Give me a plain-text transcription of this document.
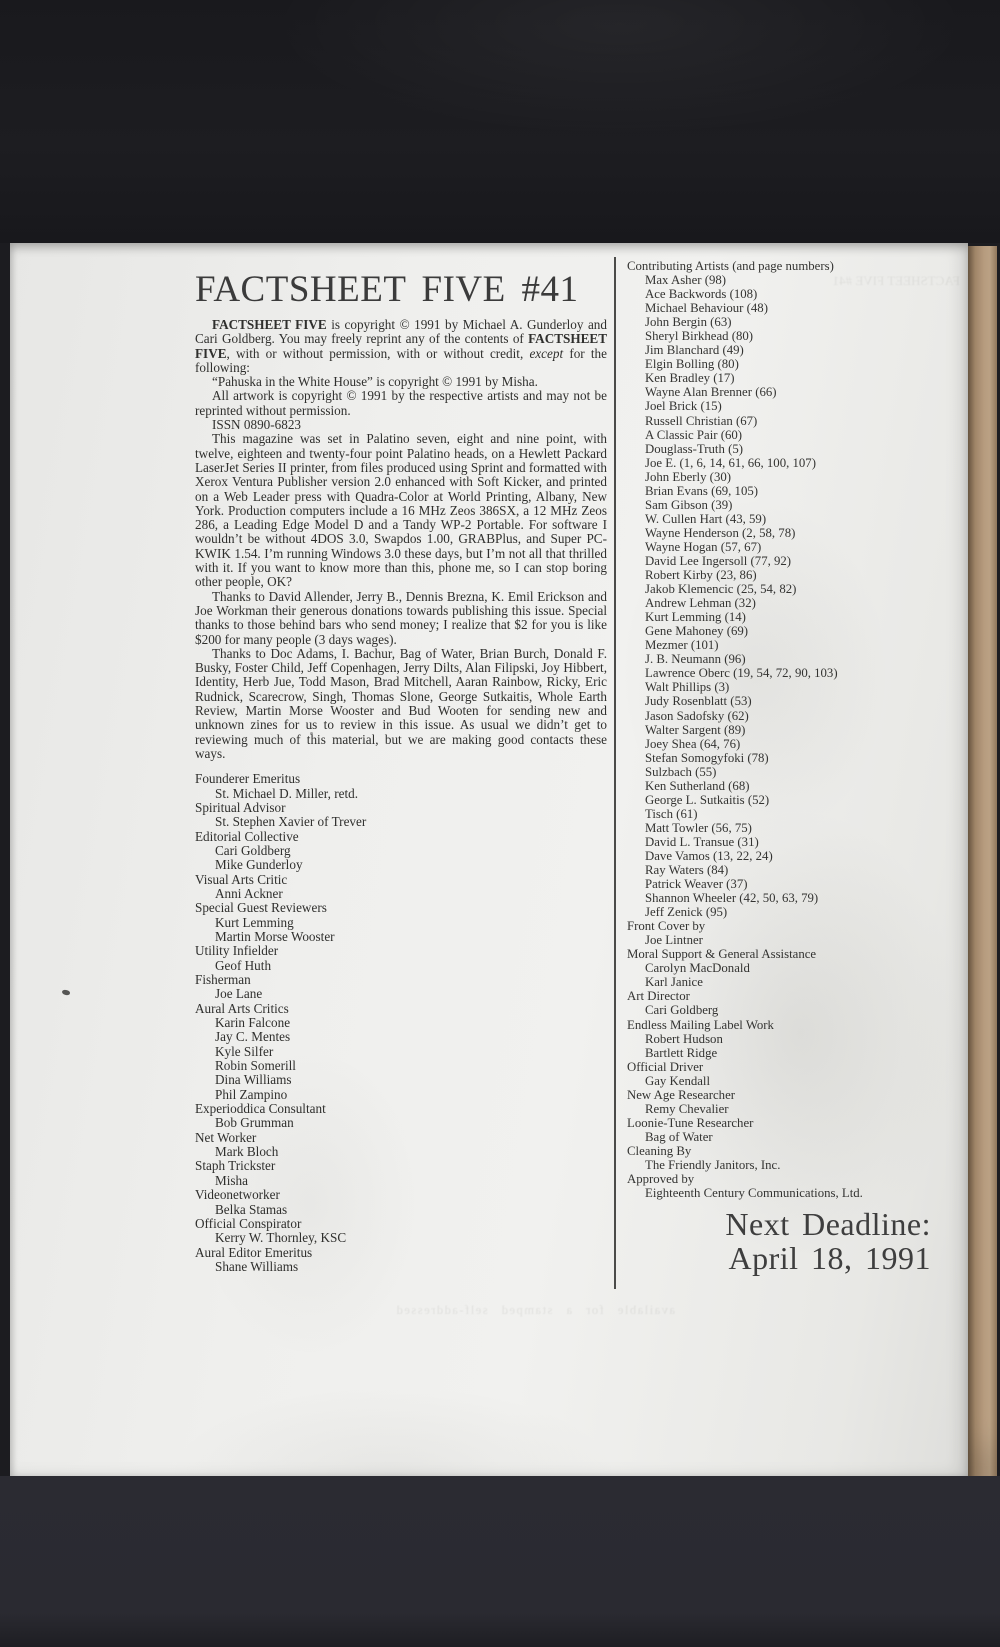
FACTSHEET FIVE #41
available for a stamped self-addressed
FACTSHEET FIVE #41

FACTSHEET FIVE is copyright © 1991 by Michael A. Gunderloy and Cari Goldberg. You may freely reprint any of the contents of FACTSHEET FIVE, with or without permission, with or without credit, except for the following:

“Pahuska in the White House” is copyright © 1991 by Misha.

All artwork is copyright © 1991 by the respective artists and may not be reprinted without permission.

ISSN 0890-6823

This magazine was set in Palatino seven, eight and nine point, with twelve, eighteen and twenty-four point Palatino heads, on a Hewlett Packard LaserJet Series II printer, from files produced using Sprint and formatted with Xerox Ventura Publisher version 2.0 enhanced with Soft Kicker, and printed on a Web Leader press with Quadra-Color at World Printing, Albany, New York. Production computers include a 16 MHz Zeos 386SX, a 12 MHz Zeos 286, a Leading Edge Model D and a Tandy WP-2 Portable. For software I wouldn’t be without 4DOS 3.0, Swapdos 1.00, GRABPlus, and Super PC-KWIK 1.54. I’m running Windows 3.0 these days, but I’m not all that thrilled with it. If you want to know more than this, phone me, so I can stop boring other people, OK?

Thanks to David Allender, Jerry B., Dennis Brezna, K. Emil Erickson and Joe Workman their generous donations towards publishing this issue. Special thanks to those behind bars who send money; I realize that $2 for you is like $200 for many people (3 days wages).

Thanks to Doc Adams, I. Bachur, Bag of Water, Brian Burch, Donald F. Busky, Foster Child, Jeff Copenhagen, Jerry Dilts, Alan Filipski, Joy Hibbert, Identity, Herb Jue, Todd Mason, Brad Mitchell, Aaran Rainbow, Ricky, Eric Rudnick, Scarecrow, Singh, Thomas Slone, George Sutkaitis, Whole Earth Review, Martin Morse Wooster and Bud Wooten for sending new and unknown zines for us to review in this issue. As usual we didn’t get to reviewing much of this material, but we are making good contacts these ways.

Founderer Emeritus
St. Michael D. Miller, retd.
Spiritual Advisor
St. Stephen Xavier of Trever
Editorial Collective
Cari Goldberg
Mike Gunderloy
Visual Arts Critic
Anni Ackner
Special Guest Reviewers
Kurt Lemming
Martin Morse Wooster
Utility Infielder
Geof Huth
Fisherman
Joe Lane
Aural Arts Critics
Karin Falcone
Jay C. Mentes
Kyle Silfer
Robin Somerill
Dina Williams
Phil Zampino
Experioddica Consultant
Bob Grumman
Net Worker
Mark Bloch
Staph Trickster
Misha
Videonetworker
Belka Stamas
Official Conspirator
Kerry W. Thornley, KSC
Aural Editor Emeritus
Shane Williams
Contributing Artists (and page numbers)
Max Asher (98)
Ace Backwords (108)
Michael Behaviour (48)
John Bergin (63)
Sheryl Birkhead (80)
Jim Blanchard (49)
Elgin Bolling (80)
Ken Bradley (17)
Wayne Alan Brenner (66)
Joel Brick (15)
Russell Christian (67)
A Classic Pair (60)
Douglass-Truth (5)
Joe E. (1, 6, 14, 61, 66, 100, 107)
John Eberly (30)
Brian Evans (69, 105)
Sam Gibson (39)
W. Cullen Hart (43, 59)
Wayne Henderson (2, 58, 78)
Wayne Hogan (57, 67)
David Lee Ingersoll (77, 92)
Robert Kirby (23, 86)
Jakob Klemencic (25, 54, 82)
Andrew Lehman (32)
Kurt Lemming (14)
Gene Mahoney (69)
Mezmer (101)
J. B. Neumann (96)
Lawrence Oberc (19, 54, 72, 90, 103)
Walt Phillips (3)
Judy Rosenblatt (53)
Jason Sadofsky (62)
Walter Sargent (89)
Joey Shea (64, 76)
Stefan Somogyfoki (78)
Sulzbach (55)
Ken Sutherland (68)
George L. Sutkaitis (52)
Tisch (61)
Matt Towler (56, 75)
David L. Transue (31)
Dave Vamos (13, 22, 24)
Ray Waters (84)
Patrick Weaver (37)
Shannon Wheeler (42, 50, 63, 79)
Jeff Zenick (95)
Front Cover by
Joe Lintner
Moral Support & General Assistance
Carolyn MacDonald
Karl Janice
Art Director
Cari Goldberg
Endless Mailing Label Work
Robert Hudson
Bartlett Ridge
Official Driver
Gay Kendall
New Age Researcher
Remy Chevalier
Loonie-Tune Researcher
Bag of Water
Cleaning By
The Friendly Janitors, Inc.
Approved by
Eighteenth Century Communications, Ltd.
Next Deadline:
April 18, 1991
